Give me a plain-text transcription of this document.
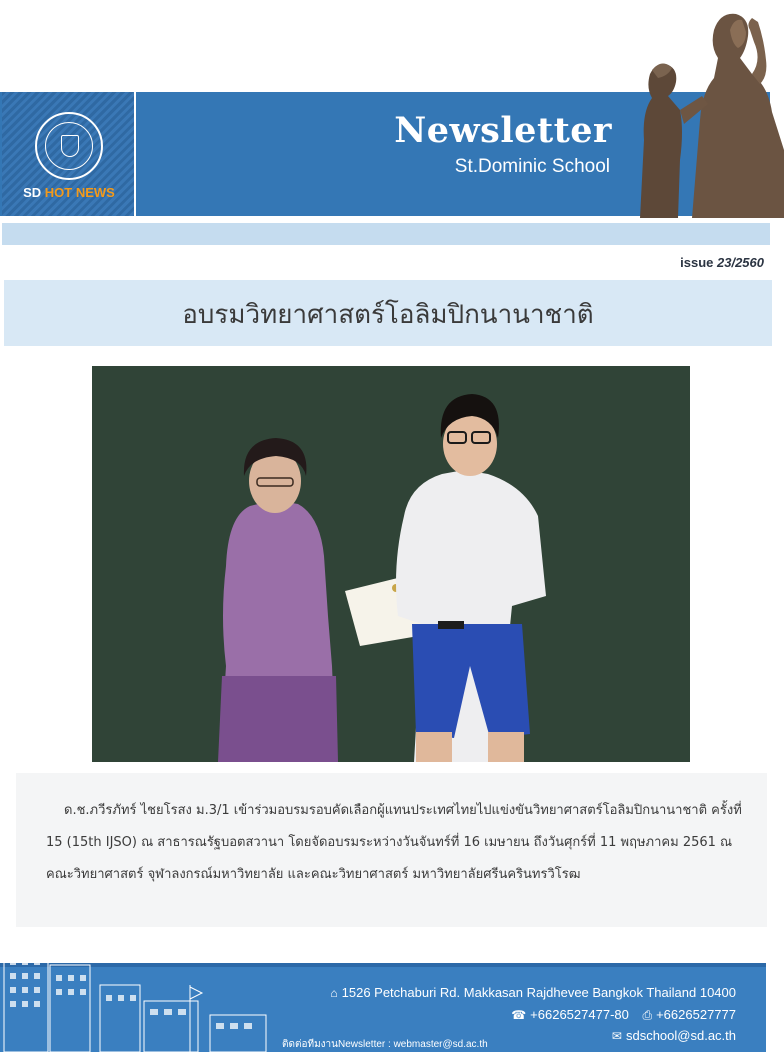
SD HOT NEWS
Newsletter
St.Dominic School
issue 23/2560
อบรมวิทยาศาสตร์โอลิมปิกนานาชาติ
ด.ช.ภวีรภัทร์ ไชยโรสง ม.3/1 เข้าร่วมอบรมรอบคัดเลือกผู้แทนประเทศไทยไปแข่งขันวิทยาศาสตร์โอลิมปิกนานาชาติ ครั้งที่ 15 (15th IJSO) ณ สาธารณรัฐบอตสวานา โดยจัดอบรมระหว่างวันจันทร์ที่ 16 เมษายน ถึงวันศุกร์ที่ 11 พฤษภาคม 2561 ณ คณะวิทยาศาสตร์ จุฬาลงกรณ์มหาวิทยาลัย และคณะวิทยาศาสตร์ มหาวิทยาลัยศรีนครินทรวิโรฒ
⌂ 1526 Petchaburi Rd. Makkasan Rajdhevee Bangkok Thailand 10400
☎ +6626527477-80 ⎙ +6626527777
✉ sdschool@sd.ac.th
ติดต่อทีมงานNewsletter : webmaster@sd.ac.th
